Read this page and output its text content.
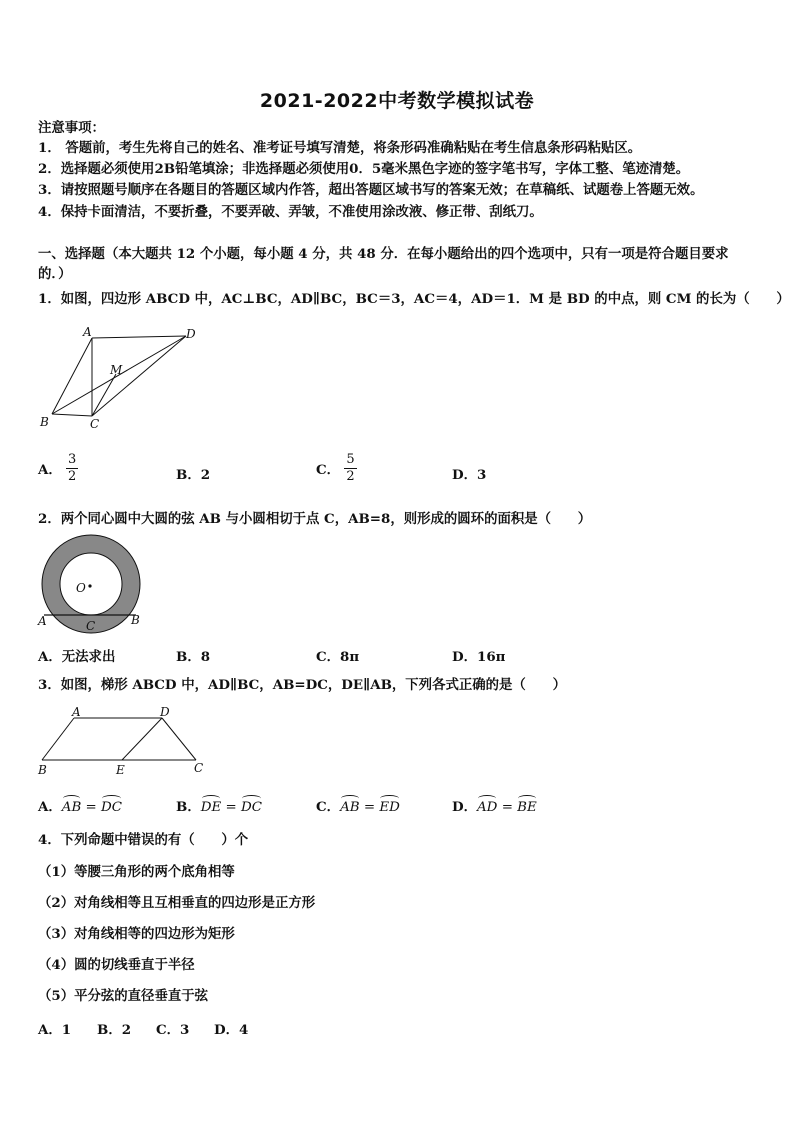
2021-2022中考数学模拟试卷
注意事项：
1． 答题前，考生先将自己的姓名、准考证号填写清楚，将条形码准确粘贴在考生信息条形码粘贴区。
2．选择题必须使用2B铅笔填涂；非选择题必须使用0．5毫米黑色字迹的签字笔书写，字体工整、笔迹清楚。
3．请按照题号顺序在各题目的答题区域内作答，超出答题区域书写的答案无效；在草稿纸、试题卷上答题无效。
4．保持卡面清洁，不要折叠，不要弄破、弄皱，不准使用涂改液、修正带、刮纸刀。
一、选择题（本大题共 12 个小题，每小题 4 分，共 48 分．在每小题给出的四个选项中，只有一项是符合题目要求
的．）
1．如图，四边形 ABCD 中，AC⊥BC，AD∥BC，BC＝3，AC＝4，AD＝1．M 是 BD 的中点，则 CM 的长为（　　）
A	D
M
B	C
A． $\frac{3}{2}$	B．2	C． $\frac{5}{2}$	D．3
2．两个同心圆中大圆的弦 AB 与小圆相切于点 C，AB=8，则形成的圆环的面积是（　　）
O
A	C	B
A．无法求出	B．8	C．8π	D．16π
3．如图，梯形 ABCD 中，AD∥BC，AB=DC，DE∥AB，下列各式正确的是（　　）
A	D
B	E	C
A．AB = DC	B．DE = DC	C．AB = ED	D．AD = BE
4．下列命题中错误的有（　　）个
（1）等腰三角形的两个底角相等
（2）对角线相等且互相垂直的四边形是正方形
（3）对角线相等的四边形为矩形
（4）圆的切线垂直于半径
（5）平分弦的直径垂直于弦
A．1 B．2 C．3 D．4
